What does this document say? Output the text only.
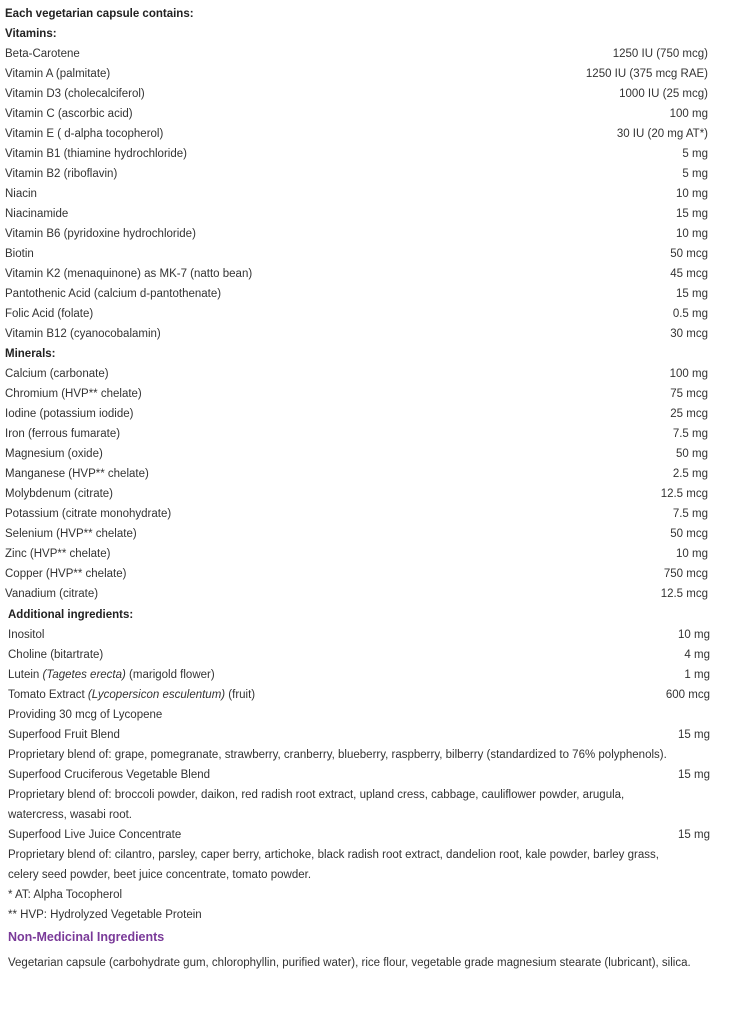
Each vegetarian capsule contains:
Vitamins:
Beta-Carotene	1250 IU (750 mcg)
Vitamin A (palmitate)	1250 IU (375 mcg RAE)
Vitamin D3 (cholecalciferol)	1000 IU (25 mcg)
Vitamin C (ascorbic acid)	100 mg
Vitamin E ( d-alpha tocopherol)	30 IU (20 mg AT*)
Vitamin B1 (thiamine hydrochloride)	5 mg
Vitamin B2 (riboflavin)	5 mg
Niacin	10 mg
Niacinamide	15 mg
Vitamin B6 (pyridoxine hydrochloride)	10 mg
Biotin	50 mcg
Vitamin K2 (menaquinone) as MK-7 (natto bean)	45 mcg
Pantothenic Acid (calcium d-pantothenate)	15 mg
Folic Acid (folate)	0.5 mg
Vitamin B12 (cyanocobalamin)	30 mcg
Minerals:
Calcium (carbonate)	100 mg
Chromium (HVP** chelate)	75 mcg
Iodine (potassium iodide)	25 mcg
Iron (ferrous fumarate)	7.5 mg
Magnesium (oxide)	50 mg
Manganese (HVP** chelate)	2.5 mg
Molybdenum (citrate)	12.5 mcg
Potassium (citrate monohydrate)	7.5 mg
Selenium (HVP** chelate)	50 mcg
Zinc (HVP** chelate)	10 mg
Copper (HVP** chelate)	750 mcg
Vanadium (citrate)	12.5 mcg
Additional ingredients:
Inositol	10 mg
Choline (bitartrate)	4 mg
Lutein (Tagetes erecta) (marigold flower)	1 mg
Tomato Extract (Lycopersicon esculentum) (fruit)	600 mcg
Providing 30 mcg of Lycopene
Superfood Fruit Blend	15 mg
Proprietary blend of: grape, pomegranate, strawberry, cranberry, blueberry, raspberry, bilberry (standardized to 76% polyphenols).
Superfood Cruciferous Vegetable Blend	15 mg
Proprietary blend of: broccoli powder, daikon, red radish root extract, upland cress, cabbage, cauliflower powder, arugula,
watercress, wasabi root.
Superfood Live Juice Concentrate	15 mg
Proprietary blend of: cilantro, parsley, caper berry, artichoke, black radish root extract, dandelion root, kale powder, barley grass,
celery seed powder, beet juice concentrate, tomato powder.
* AT: Alpha Tocopherol
** HVP: Hydrolyzed Vegetable Protein
Non-Medicinal Ingredients
Vegetarian capsule (carbohydrate gum, chlorophyllin, purified water), rice flour, vegetable grade magnesium stearate (lubricant), silica.
